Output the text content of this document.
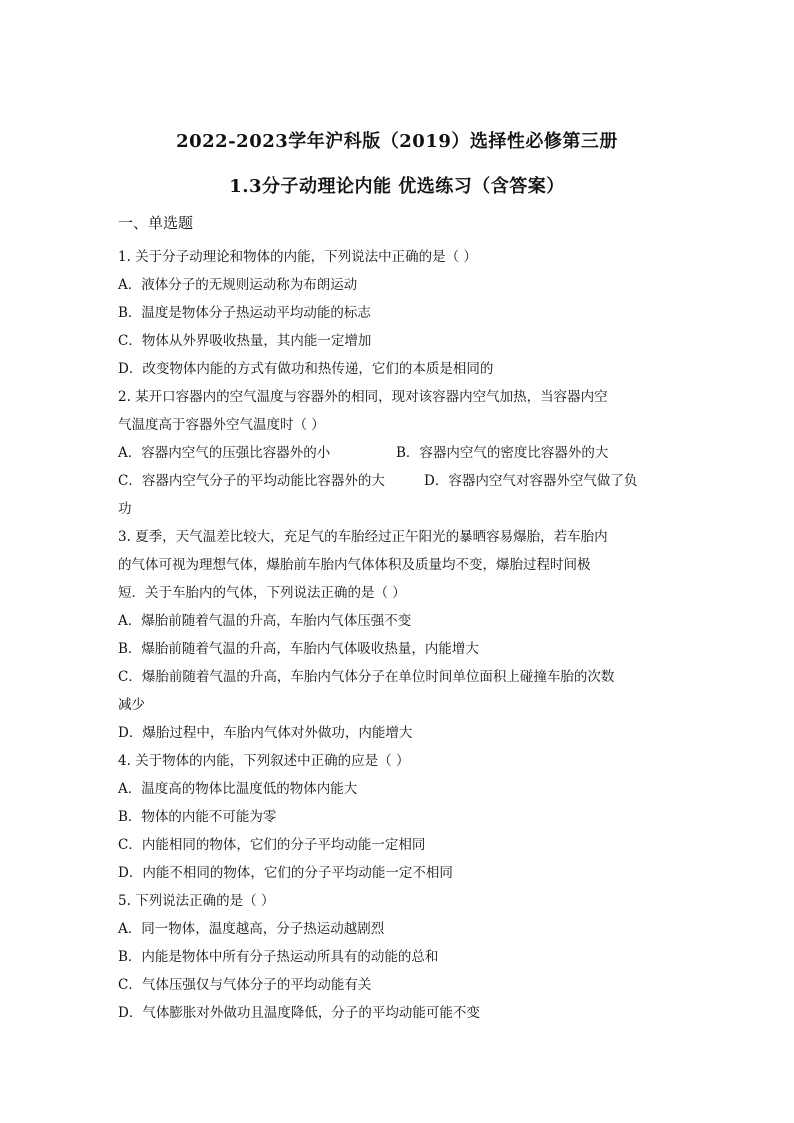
2022-2023学年沪科版（2019）选择性必修第三册
1.3分子动理论内能 优选练习（含答案）
一、单选题
1. 关于分子动理论和物体的内能，下列说法中正确的是（ ）
A．液体分子的无规则运动称为布朗运动
B．温度是物体分子热运动平均动能的标志
C．物体从外界吸收热量，其内能一定增加
D．改变物体内能的方式有做功和热传递，它们的本质是相同的
2. 某开口容器内的空气温度与容器外的相同，现对该容器内空气加热，当容器内空
气温度高于容器外空气温度时（ ）
A．容器内空气的压强比容器外的小	B．容器内空气的密度比容器外的大
C．容器内空气分子的平均动能比容器外的大	D．容器内空气对容器外空气做了负
功
3. 夏季，天气温差比较大，充足气的车胎经过正午阳光的暴晒容易爆胎，若车胎内
的气体可视为理想气体，爆胎前车胎内气体体积及质量均不变，爆胎过程时间极
短．关于车胎内的气体，下列说法正确的是（ ）
A．爆胎前随着气温的升高，车胎内气体压强不变
B．爆胎前随着气温的升高，车胎内气体吸收热量，内能增大
C．爆胎前随着气温的升高，车胎内气体分子在单位时间单位面积上碰撞车胎的次数
减少
D．爆胎过程中，车胎内气体对外做功，内能增大
4. 关于物体的内能，下列叙述中正确的应是（ ）
A．温度高的物体比温度低的物体内能大
B．物体的内能不可能为零
C．内能相同的物体，它们的分子平均动能一定相同
D．内能不相同的物体，它们的分子平均动能一定不相同
5. 下列说法正确的是（ ）
A．同一物体，温度越高，分子热运动越剧烈
B．内能是物体中所有分子热运动所具有的动能的总和
C．气体压强仅与气体分子的平均动能有关
D．气体膨胀对外做功且温度降低，分子的平均动能可能不变
